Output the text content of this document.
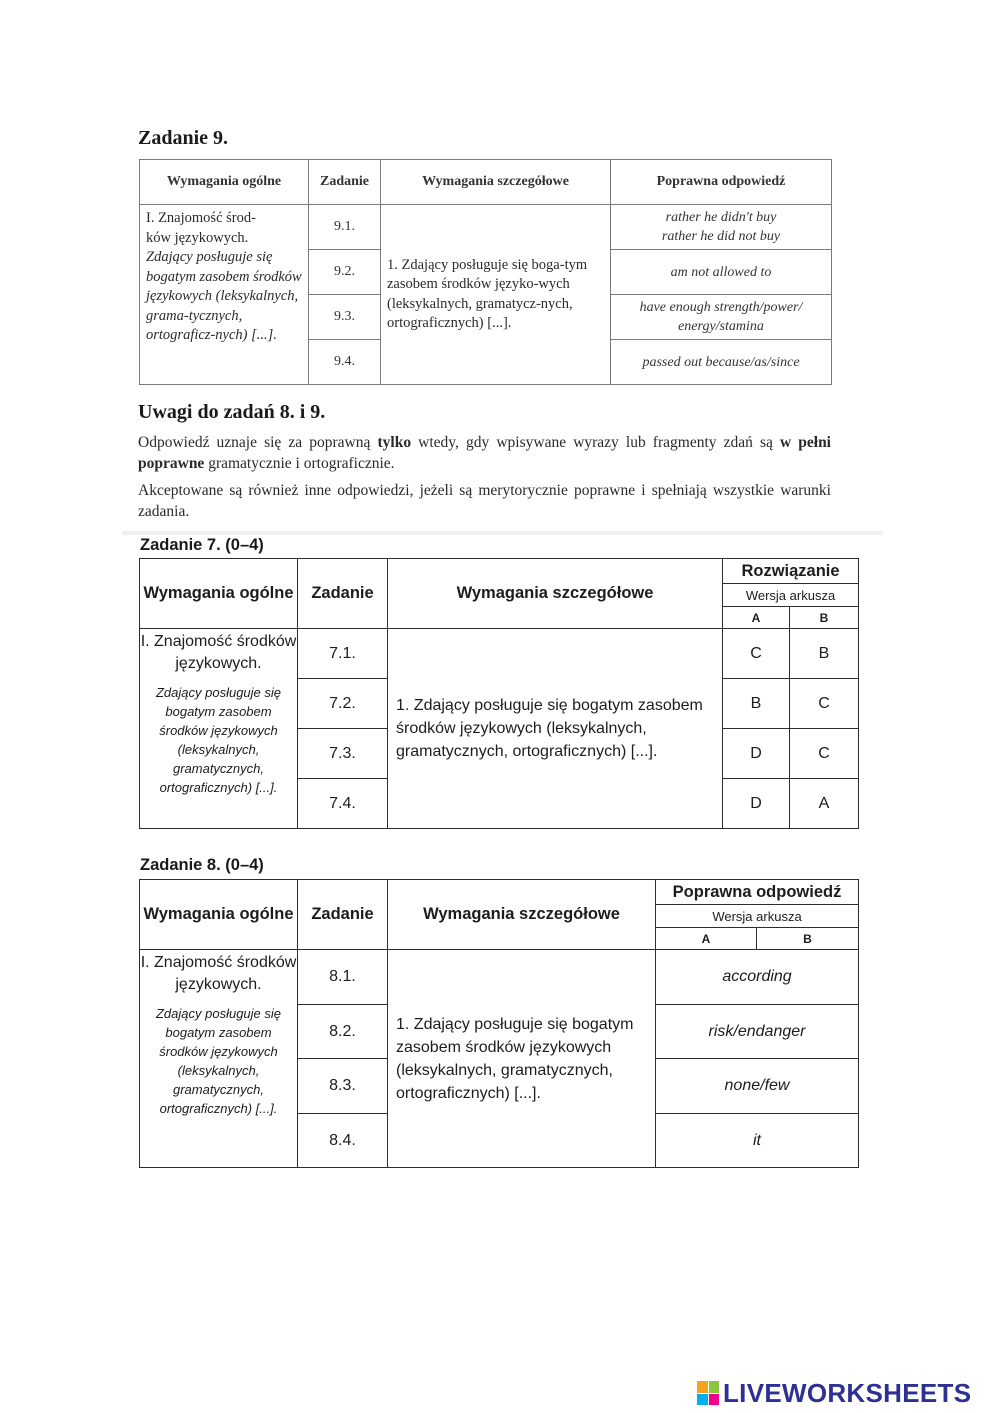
Zadanie 9.
Wymagania ogólne	Zadanie	Wymagania szczegółowe	Poprawna odpowiedź
I. Znajomość środ-
ków językowych.
Zdający posługuje się bogatym zasobem środków językowych (leksykalnych, grama-tycznych, ortograficz-nych) [...].	9.1.	1. Zdający posługuje się boga-tym zasobem środków języko-wych (leksykalnych, gramatycz-nych, ortograficznych) [...].	rather he didn't buy
rather he did not buy
	9.2.		am not allowed to
	9.3.		have enough strength/power/
energy/stamina
	9.4.		passed out because/as/since
Uwagi do zadań 8. i 9.
Odpowiedź uznaje się za poprawną tylko wtedy, gdy wpisywane wyrazy lub fragmenty zdań są w pełni poprawne gramatycznie i ortograficznie.
Akceptowane są również inne odpowiedzi, jeżeli są merytorycznie poprawne i spełniają wszystkie warunki zadania.
Zadanie 7. (0–4)
Wymagania ogólne	Zadanie	Wymagania szczegółowe	Rozwiązanie	
			Wersja arkusza	
			A	B
I. Znajomość środków językowych.
Zdający posługuje się bogatym zasobem środków językowych (leksykalnych, gramatycznych, ortograficznych) [...].	7.1.	1. Zdający posługuje się bogatym zasobem środków językowych (leksykalnych, gramatycznych, ortograficznych) [...].	C	B
	7.2.		B	C
	7.3.		D	C
	7.4.		D	A
Zadanie 8. (0–4)
Wymagania ogólne	Zadanie	Wymagania szczegółowe	Poprawna odpowiedź	
			Wersja arkusza	
			A	B
I. Znajomość środków językowych.
Zdający posługuje się bogatym zasobem środków językowych (leksykalnych, gramatycznych, ortograficznych) [...].	8.1.	1. Zdający posługuje się bogatym zasobem środków językowych (leksykalnych, gramatycznych, ortograficznych) [...].	according	
	8.2.		risk/endanger	
	8.3.		none/few	
	8.4.		it	
LIVEWORKSHEETS
